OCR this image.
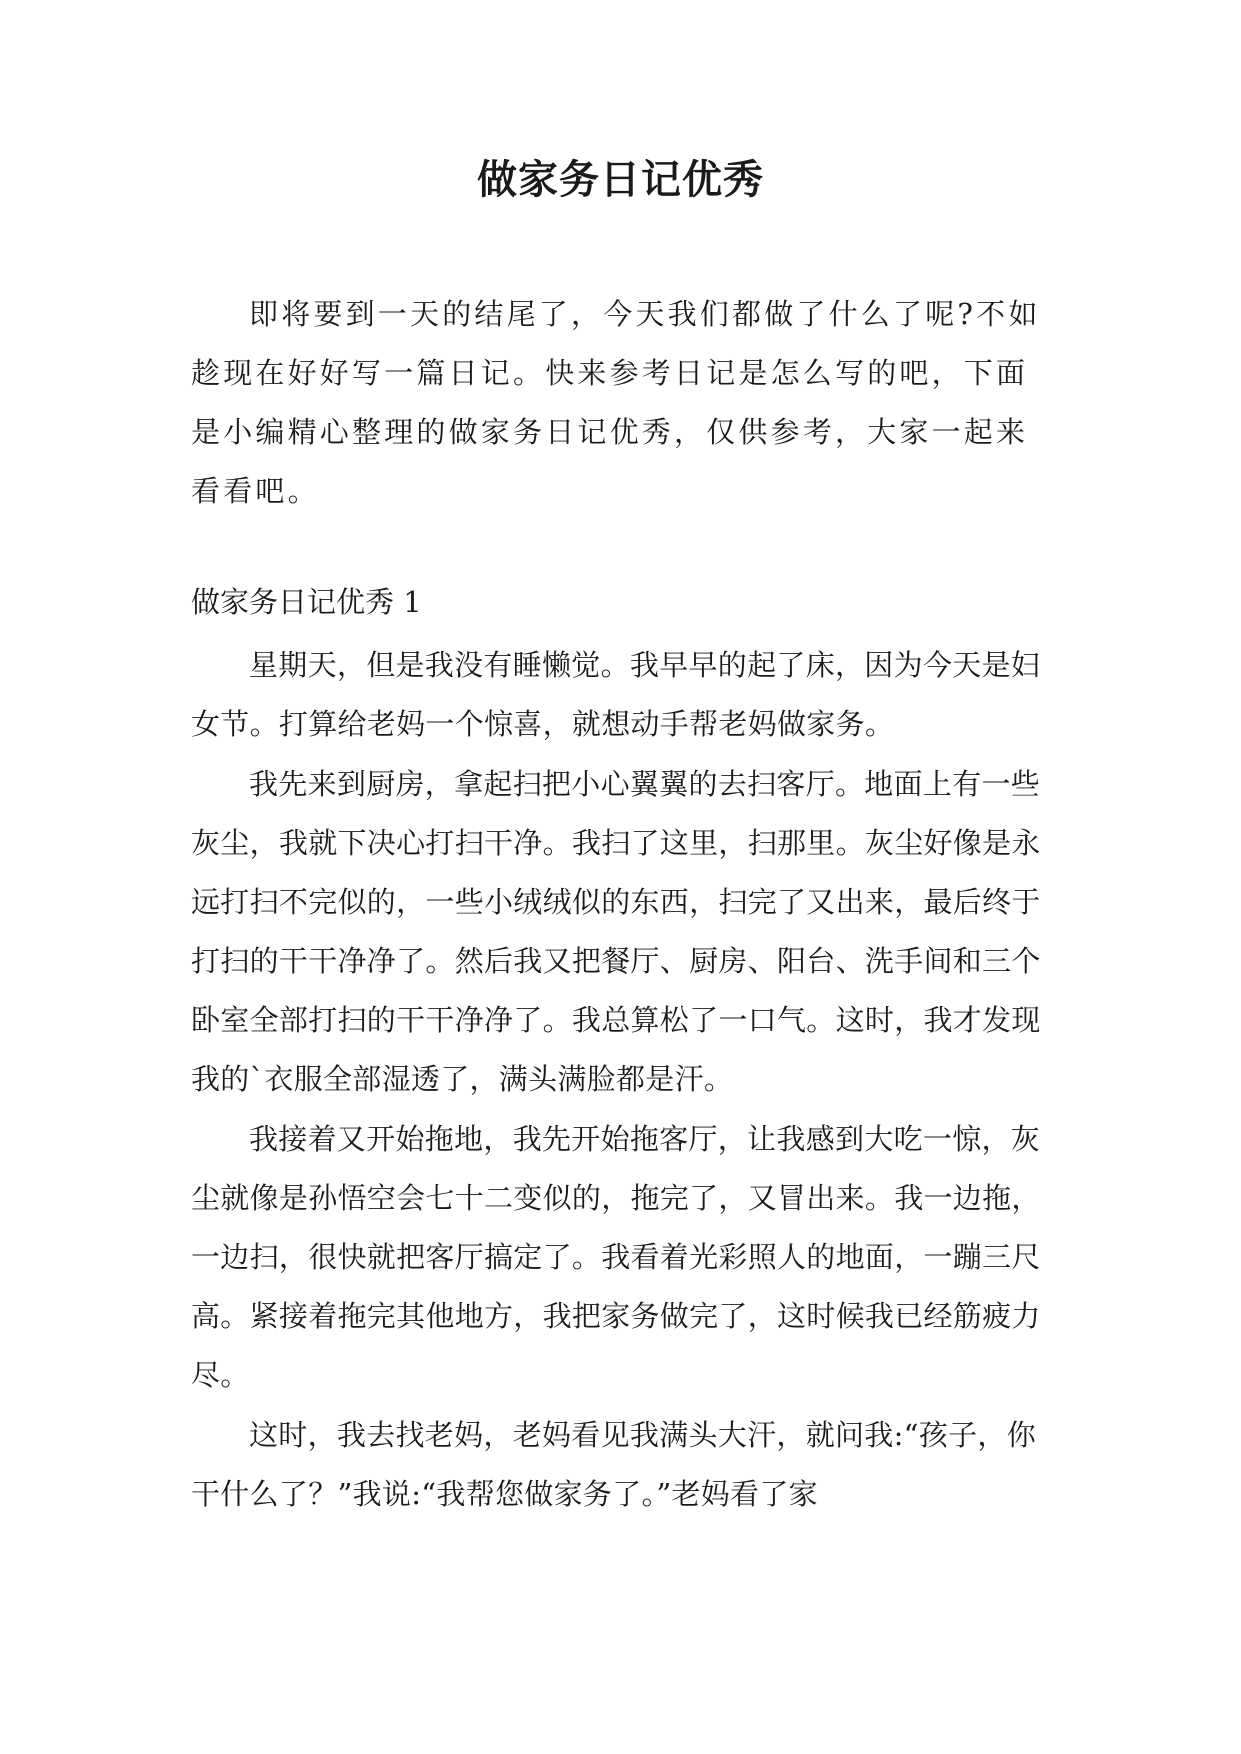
做家务日记优秀

即将要到一天的结尾了，今天我们都做了什么了呢?不如趁现在好好写一篇日记。快来参考日记是怎么写的吧，下面是小编精心整理的做家务日记优秀，仅供参考，大家一起来看看吧。

做家务日记优秀 1

星期天，但是我没有睡懒觉。我早早的起了床，因为今天是妇女节。打算给老妈一个惊喜，就想动手帮老妈做家务。

我先来到厨房，拿起扫把小心翼翼的去扫客厅。地面上有一些灰尘，我就下决心打扫干净。我扫了这里，扫那里。灰尘好像是永远打扫不完似的，一些小绒绒似的东西，扫完了又出来，最后终于打扫的干干净净了。然后我又把餐厅、厨房、阳台、洗手间和三个卧室全部打扫的干干净净了。我总算松了一口气。这时，我才发现我的`衣服全部湿透了，满头满脸都是汗。

我接着又开始拖地，我先开始拖客厅，让我感到大吃一惊，灰尘就像是孙悟空会七十二变似的，拖完了，又冒出来。我一边拖，一边扫，很快就把客厅搞定了。我看着光彩照人的地面，一蹦三尺高。紧接着拖完其他地方，我把家务做完了，这时候我已经筋疲力尽。

这时，我去找老妈，老妈看见我满头大汗，就问我:“孩子，你干什么了？”我说:“我帮您做家务了。”老妈看了家
